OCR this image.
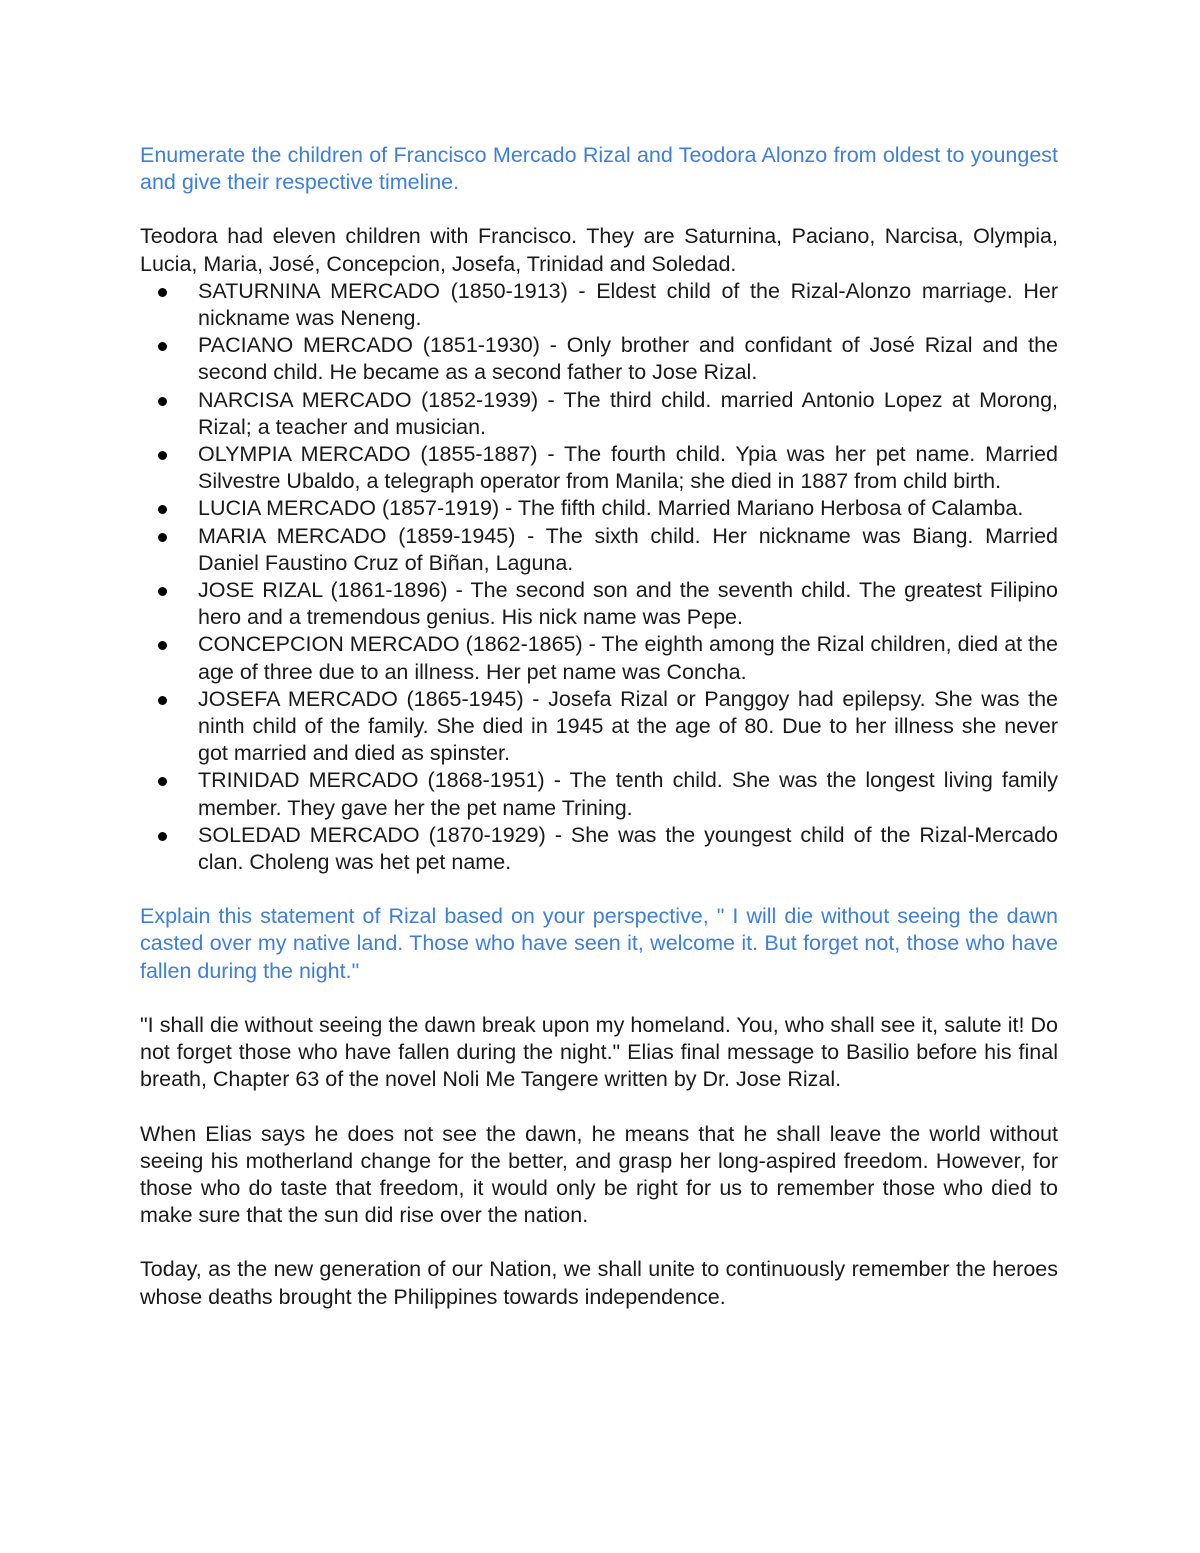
Enumerate the children of Francisco Mercado Rizal and Teodora Alonzo from oldest to youngest and give their respective timeline.

Teodora had eleven children with Francisco. They are Saturnina, Paciano, Narcisa, Olympia, Lucia, Maria, José, Concepcion, Josefa, Trinidad and Soledad.

SATURNINA MERCADO (1850-1913) - Eldest child of the Rizal-Alonzo marriage. Her nickname was Neneng.
PACIANO MERCADO (1851-1930) - Only brother and confidant of José Rizal and the second child. He became as a second father to Jose Rizal.
NARCISA MERCADO (1852-1939) - The third child. married Antonio Lopez at Morong, Rizal; a teacher and musician.
OLYMPIA MERCADO (1855-1887) - The fourth child. Ypia was her pet name. Married Silvestre Ubaldo, a telegraph operator from Manila; she died in 1887 from child birth.
LUCIA MERCADO (1857-1919) - The fifth child. Married Mariano Herbosa of Calamba.
MARIA MERCADO (1859-1945) - The sixth child. Her nickname was Biang. Married Daniel Faustino Cruz of Biñan, Laguna.
JOSE RIZAL (1861-1896) - The second son and the seventh child. The greatest Filipino hero and a tremendous genius. His nick name was Pepe.
CONCEPCION MERCADO (1862-1865) - The eighth among the Rizal children, died at the age of three due to an illness. Her pet name was Concha.
JOSEFA MERCADO (1865-1945) - Josefa Rizal or Panggoy had epilepsy. She was the ninth child of the family. She died in 1945 at the age of 80. Due to her illness she never got married and died as spinster.
TRINIDAD MERCADO (1868-1951) - The tenth child. She was the longest living family member. They gave her the pet name Trining.
SOLEDAD MERCADO (1870-1929) - She was the youngest child of the Rizal-Mercado clan. Choleng was het pet name.

Explain this statement of Rizal based on your perspective, " I will die without seeing the dawn casted over my native land. Those who have seen it, welcome it. But forget not, those who have fallen during the night."

"I shall die without seeing the dawn break upon my homeland. You, who shall see it, salute it! Do not forget those who have fallen during the night." Elias final message to Basilio before his final breath, Chapter 63 of the novel Noli Me Tangere written by Dr. Jose Rizal.

When Elias says he does not see the dawn, he means that he shall leave the world without seeing his motherland change for the better, and grasp her long-aspired freedom. However, for those who do taste that freedom, it would only be right for us to remember those who died to make sure that the sun did rise over the nation.

Today, as the new generation of our Nation, we shall unite to continuously remember the heroes whose deaths brought the Philippines towards independence.
